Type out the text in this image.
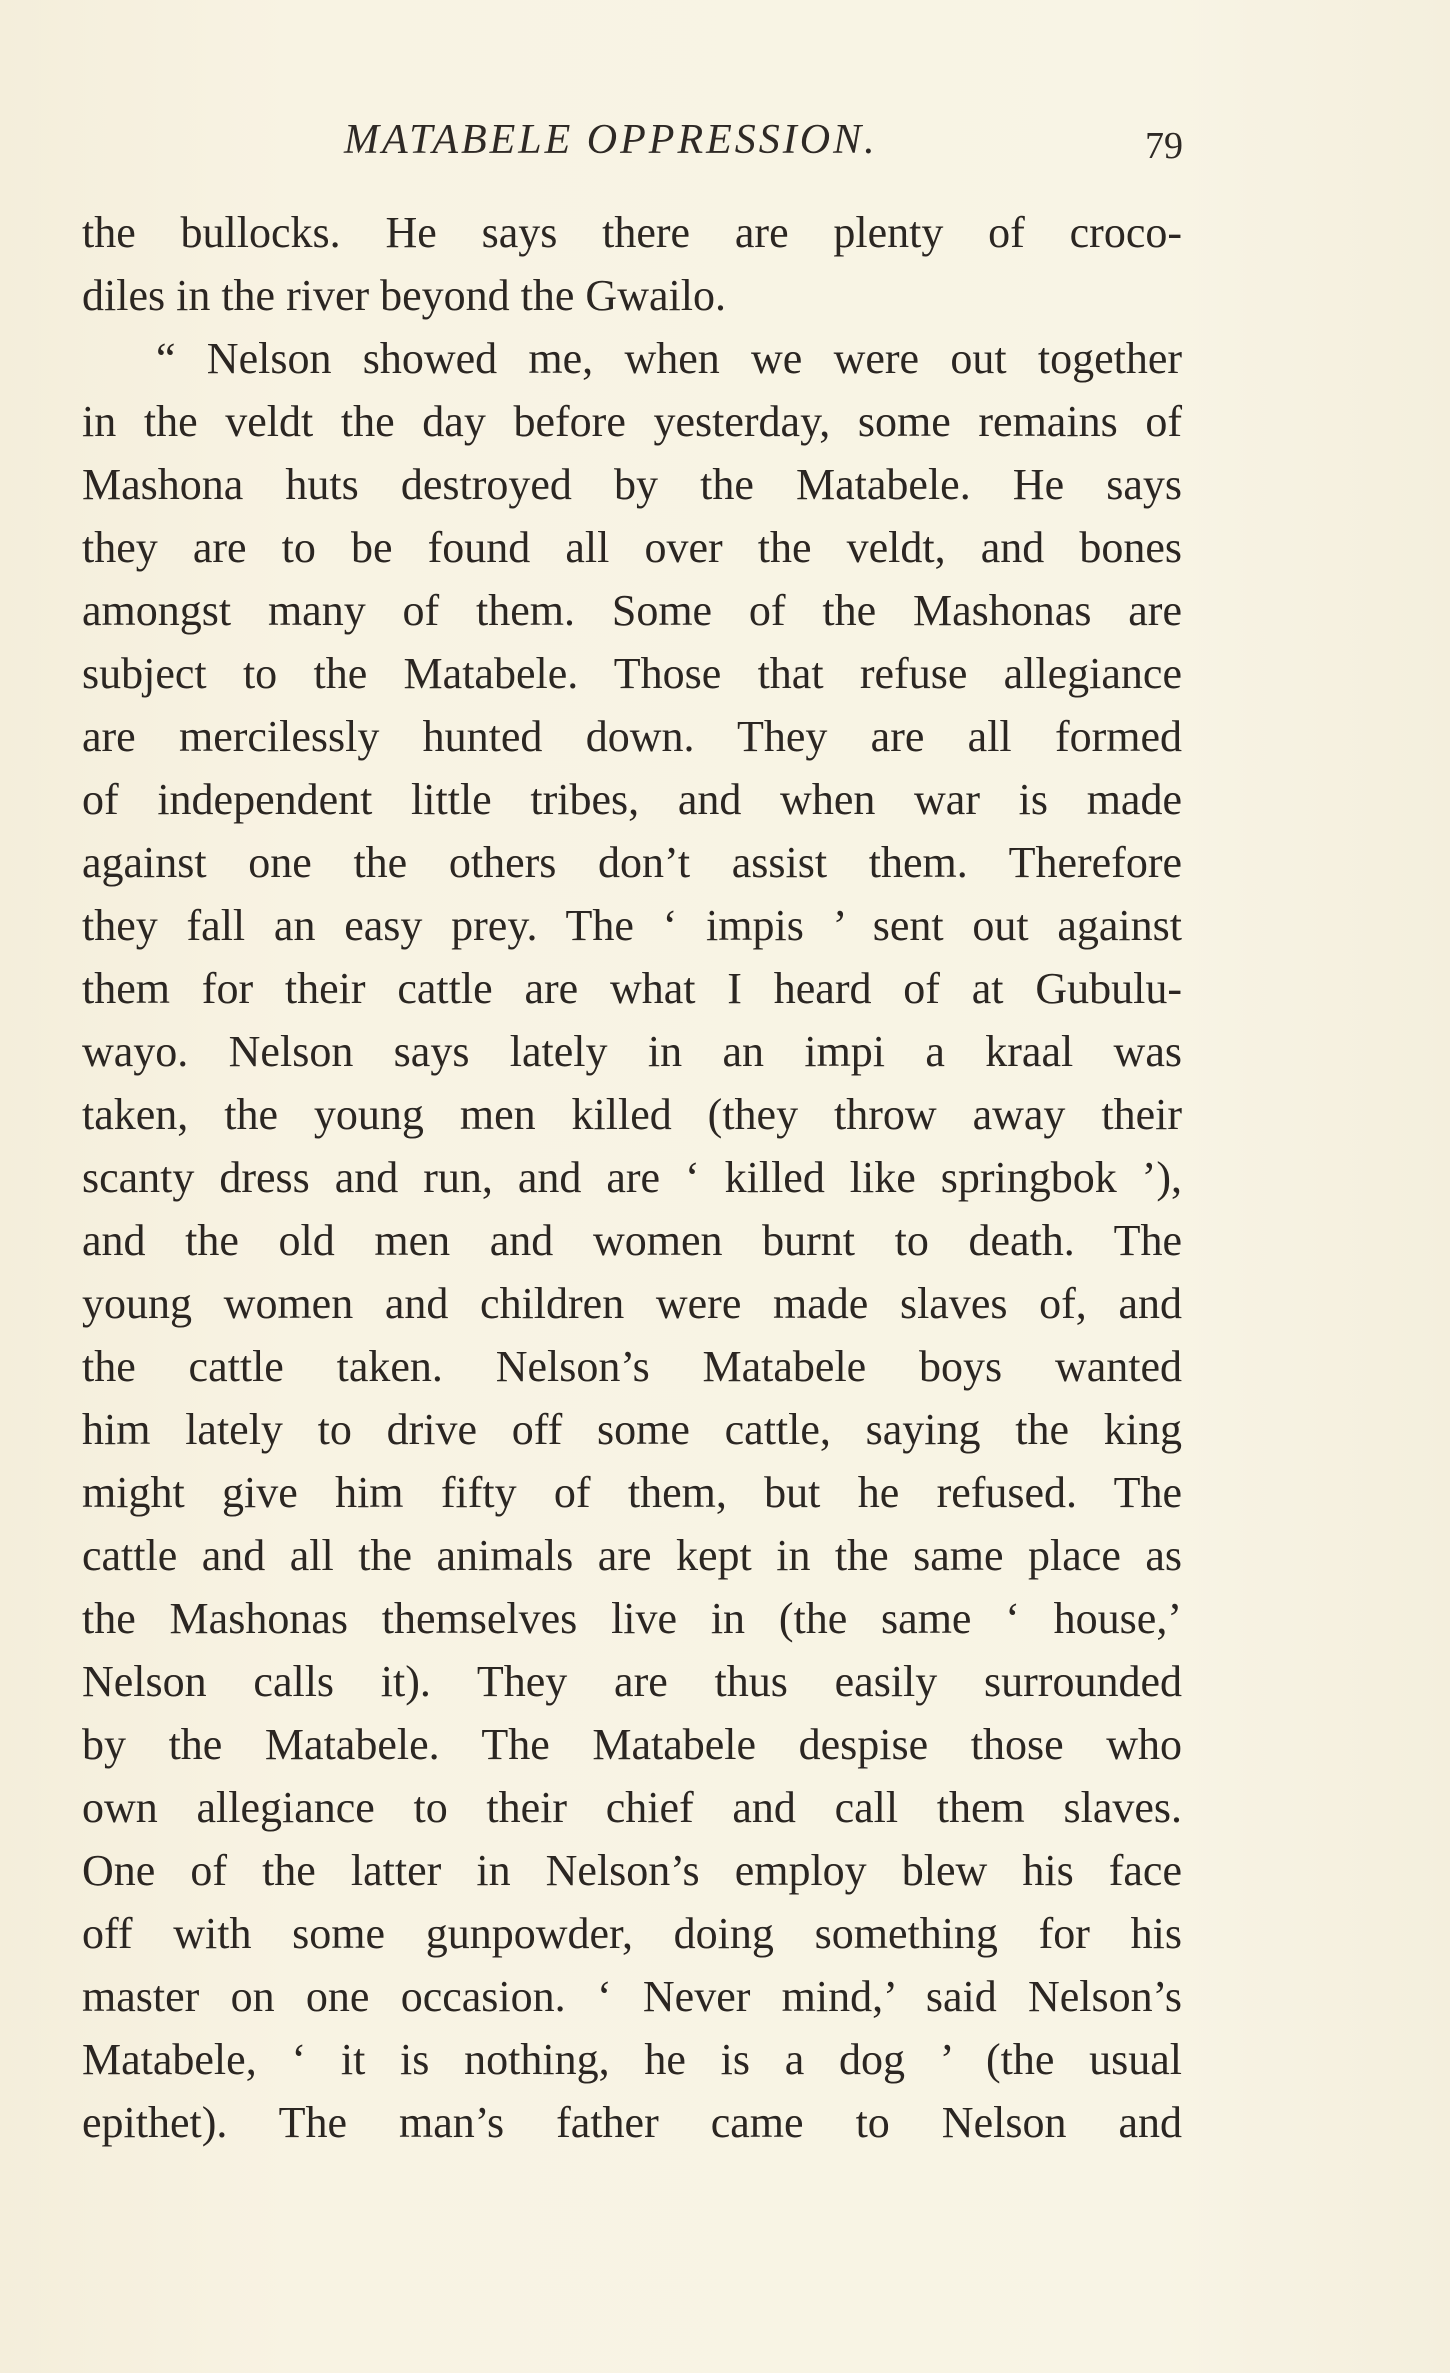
MATABELE OPPRESSION.	79
the bullocks. He says there are plenty of croco-
diles in the river beyond the Gwailo.
“ Nelson showed me, when we were out together
in the veldt the day before yesterday, some remains of
Mashona huts destroyed by the Matabele. He says
they are to be found all over the veldt, and bones
amongst many of them. Some of the Mashonas are
subject to the Matabele. Those that refuse allegiance
are mercilessly hunted down. They are all formed
of independent little tribes, and when war is made
against one the others don’t assist them. Therefore
they fall an easy prey. The ‘ impis ’ sent out against
them for their cattle are what I heard of at Gubulu-
wayo. Nelson says lately in an impi a kraal was
taken, the young men killed (they throw away their
scanty dress and run, and are ‘ killed like springbok ’),
and the old men and women burnt to death. The
young women and children were made slaves of, and
the cattle taken. Nelson’s Matabele boys wanted
him lately to drive off some cattle, saying the king
might give him fifty of them, but he refused. The
cattle and all the animals are kept in the same place as
the Mashonas themselves live in (the same ‘ house,’
Nelson calls it). They are thus easily surrounded
by the Matabele. The Matabele despise those who
own allegiance to their chief and call them slaves.
One of the latter in Nelson’s employ blew his face
off with some gunpowder, doing something for his
master on one occasion. ‘ Never mind,’ said Nelson’s
Matabele, ‘ it is nothing, he is a dog ’ (the usual
epithet). The man’s father came to Nelson and
